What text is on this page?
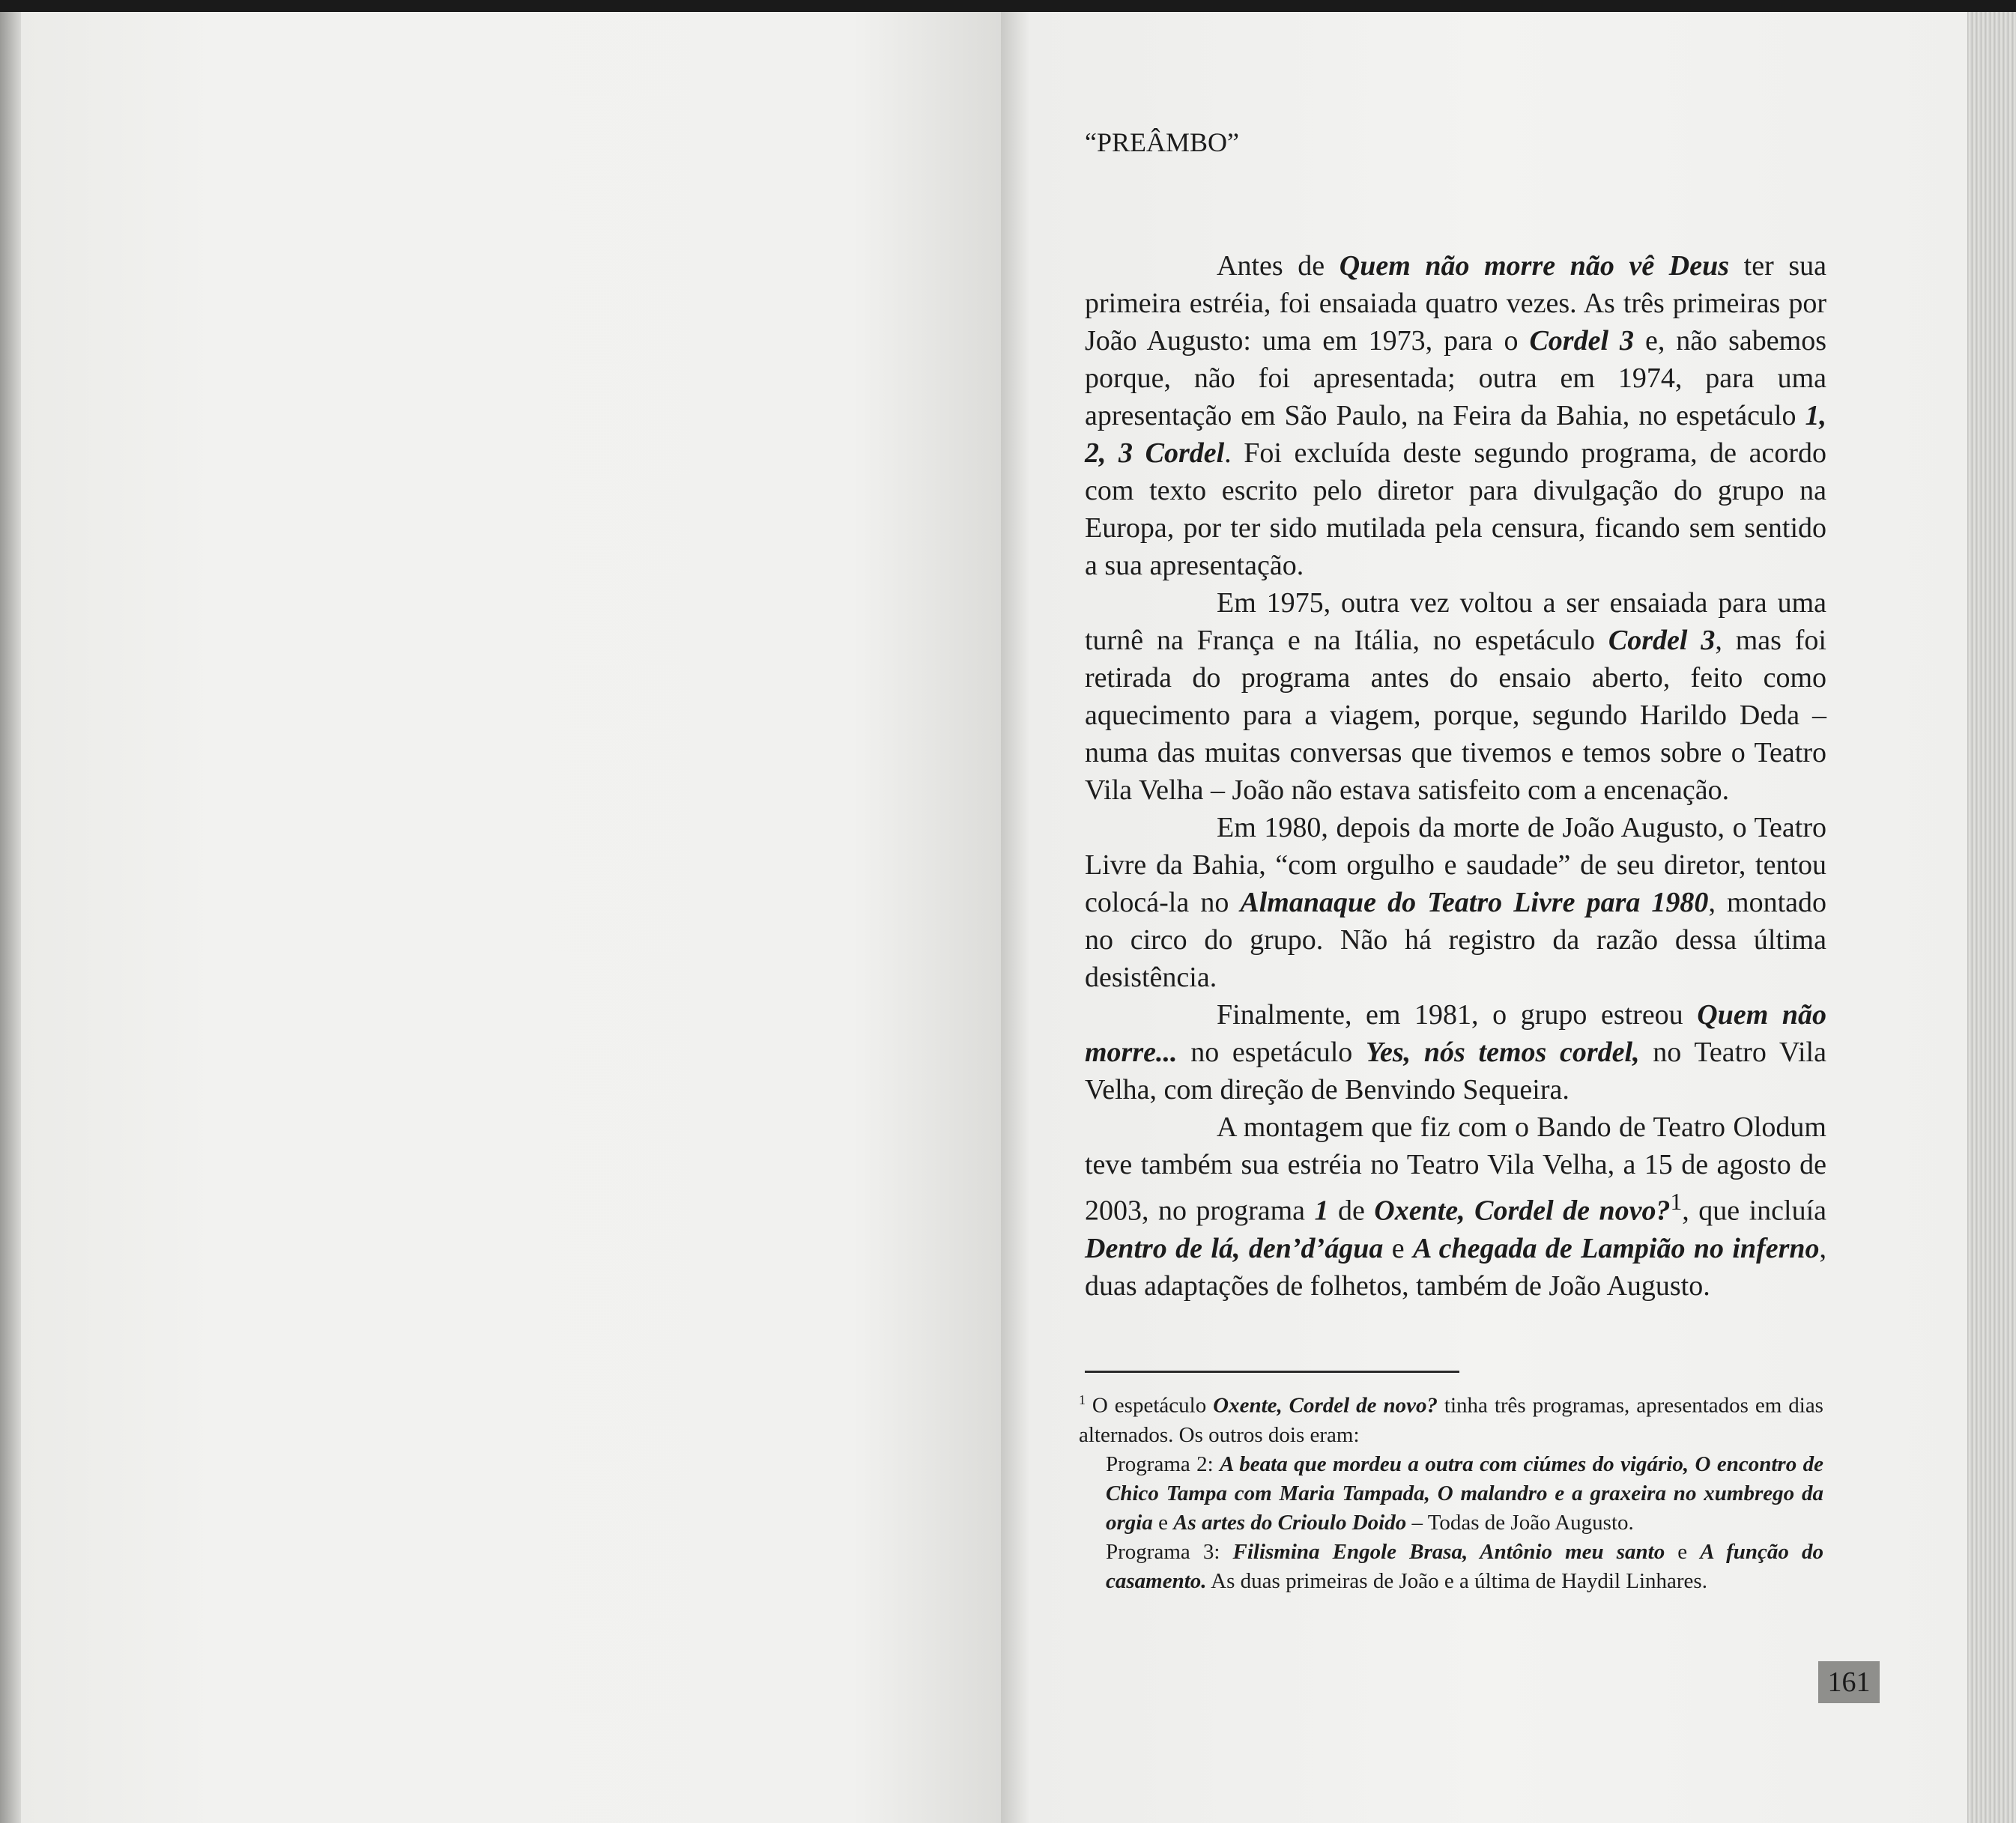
“PREÂMBO”

Antes de Quem não morre não vê Deus ter sua primeira estréia, foi ensaiada quatro vezes. As três primeiras por João Augusto: uma em 1973, para o Cordel 3 e, não sabemos porque, não foi apresentada; outra em 1974, para uma apresentação em São Paulo, na Feira da Bahia, no espetáculo 1, 2, 3 Cordel. Foi excluída deste segundo programa, de acordo com texto escrito pelo diretor para divulgação do grupo na Europa, por ter sido mutilada pela censura, ficando sem sentido a sua apresentação.

Em 1975, outra vez voltou a ser ensaiada para uma turnê na França e na Itália, no espetáculo Cordel 3, mas foi retirada do programa antes do ensaio aberto, feito como aquecimento para a viagem, porque, segundo Harildo Deda – numa das muitas conversas que tivemos e temos sobre o Teatro Vila Velha – João não estava satisfeito com a encenação.

Em 1980, depois da morte de João Augusto, o Teatro Livre da Bahia, “com orgulho e saudade” de seu diretor, tentou colocá-la no Almanaque do Teatro Livre para 1980, montado no circo do grupo. Não há registro da razão dessa última desistência.

Finalmente, em 1981, o grupo estreou Quem não morre... no espetáculo Yes, nós temos cordel, no Teatro Vila Velha, com direção de Benvindo Sequeira.

A montagem que fiz com o Bando de Teatro Olodum teve também sua estréia no Teatro Vila Velha, a 15 de agosto de 2003, no programa 1 de Oxente, Cordel de novo?$^1$, que incluía Dentro de lá, den’d’água e A chegada de Lampião no inferno, duas adaptações de folhetos, também de João Augusto.

$^1$ O espetáculo Oxente, Cordel de novo? tinha três programas, apresentados em dias alternados. Os outros dois eram:

Programa 2: A beata que mordeu a outra com ciúmes do vigário, O encontro de Chico Tampa com Maria Tampada, O malandro e a graxeira no xumbrego da orgia e As artes do Crioulo Doido – Todas de João Augusto.

Programa 3: Filismina Engole Brasa, Antônio meu santo e A função do casamento. As duas primeiras de João e a última de Haydil Linhares.

161
